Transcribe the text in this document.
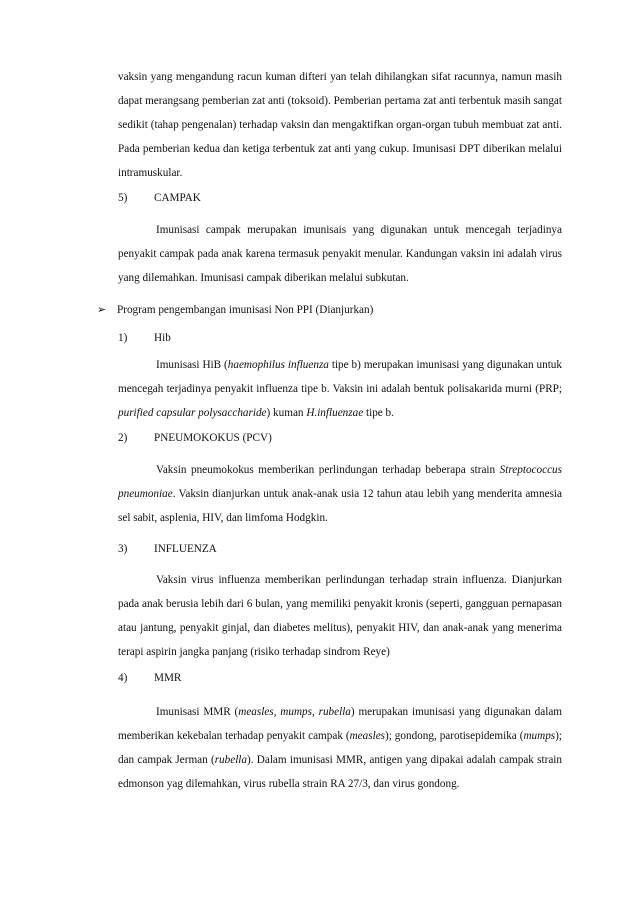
vaksin yang mengandung racun kuman difteri yan telah dihilangkan sifat racunnya, namun masih dapat merangsang pemberian zat anti (toksoid). Pemberian pertama zat anti terbentuk masih sangat sedikit (tahap pengenalan) terhadap vaksin dan mengaktifkan organ-organ tubuh membuat zat anti. Pada pemberian kedua dan ketiga terbentuk zat anti yang cukup. Imunisasi DPT diberikan melalui intramuskular.

5) CAMPAK

Imunisasi campak merupakan imunisais yang digunakan untuk mencegah terjadinya penyakit campak pada anak karena termasuk penyakit menular. Kandungan vaksin ini adalah virus yang dilemahkan. Imunisasi campak diberikan melalui subkutan.

➢ Program pengembangan imunisasi Non PPI (Dianjurkan)
1) Hib

Imunisasi HiB (haemophilus influenza tipe b) merupakan imunisasi yang digunakan untuk mencegah terjadinya penyakit influenza tipe b. Vaksin ini adalah bentuk polisakarida murni (PRP; purified capsular polysaccharide) kuman H.influenzae tipe b.

2) PNEUMOKOKUS (PCV)

Vaksin pneumokokus memberikan perlindungan terhadap beberapa strain Streptococcus pneumoniae. Vaksin dianjurkan untuk anak-anak usia 12 tahun atau lebih yang menderita amnesia sel sabit, asplenia, HIV, dan limfoma Hodgkin.

3) INFLUENZA

Vaksin virus influenza memberikan perlindungan terhadap strain influenza. Dianjurkan pada anak berusia lebih dari 6 bulan, yang memiliki penyakit kronis (seperti, gangguan pernapasan atau jantung, penyakit ginjal, dan diabetes melitus), penyakit HIV, dan anak-anak yang menerima terapi aspirin jangka panjang (risiko terhadap sindrom Reye)

4) MMR

Imunisasi MMR (measles, mumps, rubella) merupakan imunisasi yang digunakan dalam memberikan kekebalan terhadap penyakit campak (measles); gondong, parotisepidemika (mumps); dan campak Jerman (rubella). Dalam imunisasi MMR, antigen yang dipakai adalah campak strain edmonson yag dilemahkan, virus rubella strain RA 27/3, dan virus gondong.
